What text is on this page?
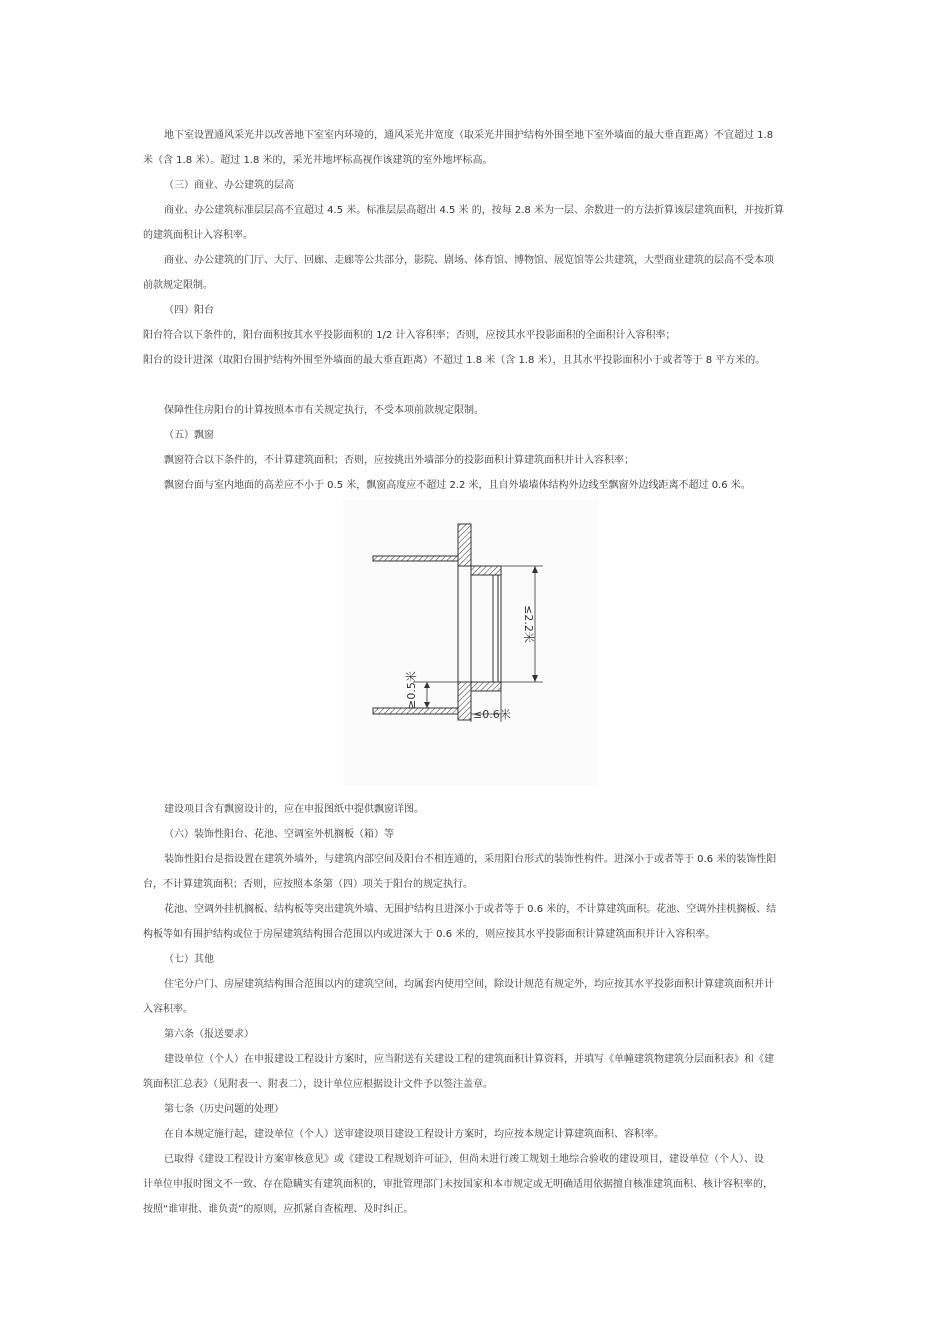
地下室设置通风采光井以改善地下室室内环境的，通风采光井宽度（取采光井围护结构外围至地下室外墙面的最大垂直距离）不宜超过 1.8
米（含 1.8 米）。超过 1.8 米的，采光井地坪标高视作该建筑的室外地坪标高。
（三）商业、办公建筑的层高
商业、办公建筑标准层层高不宜超过 4.5 米。标准层层高超出 4.5 米 的，按每 2.8 米为一层、余数进一的方法折算该层建筑面积，并按折算
的建筑面积计入容积率。
商业、办公建筑的门厅、大厅、回廊、走廊等公共部分，影院、剧场、体育馆、博物馆、展览馆等公共建筑，大型商业建筑的层高不受本项
前款规定限制。
（四）阳台
阳台符合以下条件的，阳台面积按其水平投影面积的 1/2 计入容积率；否则，应按其水平投影面积的全面积计入容积率；
阳台的设计进深（取阳台围护结构外围至外墙面的最大垂直距离）不超过 1.8 米（含 1.8 米），且其水平投影面积小于或者等于 8 平方米的。
保障性住房阳台的计算按照本市有关规定执行，不受本项前款规定限制。
（五）飘窗
飘窗符合以下条件的，不计算建筑面积；否则，应按挑出外墙部分的投影面积计算建筑面积并计入容积率；
飘窗台面与室内地面的高差应不小于 0.5 米，飘窗高度应不超过 2.2 米，且自外墙墙体结构外边线至飘窗外边线距离不超过 0.6 米。
≤2.2米
≥0.5米
≤0.6米
建设项目含有飘窗设计的，应在申报图纸中提供飘窗详图。
（六）装饰性阳台、花池、空调室外机搁板（箱）等
装饰性阳台是指设置在建筑外墙外，与建筑内部空间及阳台不相连通的，采用阳台形式的装饰性构件。进深小于或者等于 0.6 米的装饰性阳
台，不计算建筑面积；否则，应按照本条第（四）项关于阳台的规定执行。
花池、空调外挂机搁板、结构板等突出建筑外墙、无围护结构且进深小于或者等于 0.6 米的，不计算建筑面积。花池、空调外挂机搁板、结
构板等如有围护结构或位于房屋建筑结构围合范围以内或进深大于 0.6 米的，则应按其水平投影面积计算建筑面积并计入容积率。
（七）其他
住宅分户门、房屋建筑结构围合范围以内的建筑空间，均属套内使用空间，除设计规范有规定外，均应按其水平投影面积计算建筑面积并计
入容积率。
第六条（报送要求）
建设单位（个人）在申报建设工程设计方案时，应当附送有关建设工程的建筑面积计算资料，并填写《单幢建筑物建筑分层面积表》和《建
筑面积汇总表》（见附表一、附表二），设计单位应根据设计文件予以签注盖章。
第七条（历史问题的处理）
在自本规定施行起，建设单位（个人）送审建设项目建设工程设计方案时，均应按本规定计算建筑面积、容积率。
已取得《建设工程设计方案审核意见》或《建设工程规划许可证》，但尚未进行竣工规划土地综合验收的建设项目，建设单位（个人）、设
计单位申报时图文不一致、存在隐瞒实有建筑面积的，审批管理部门未按国家和本市规定或无明确适用依据擅自核准建筑面积、核计容积率的，
按照“谁审批、谁负责”的原则，应抓紧自查梳理、及时纠正。
